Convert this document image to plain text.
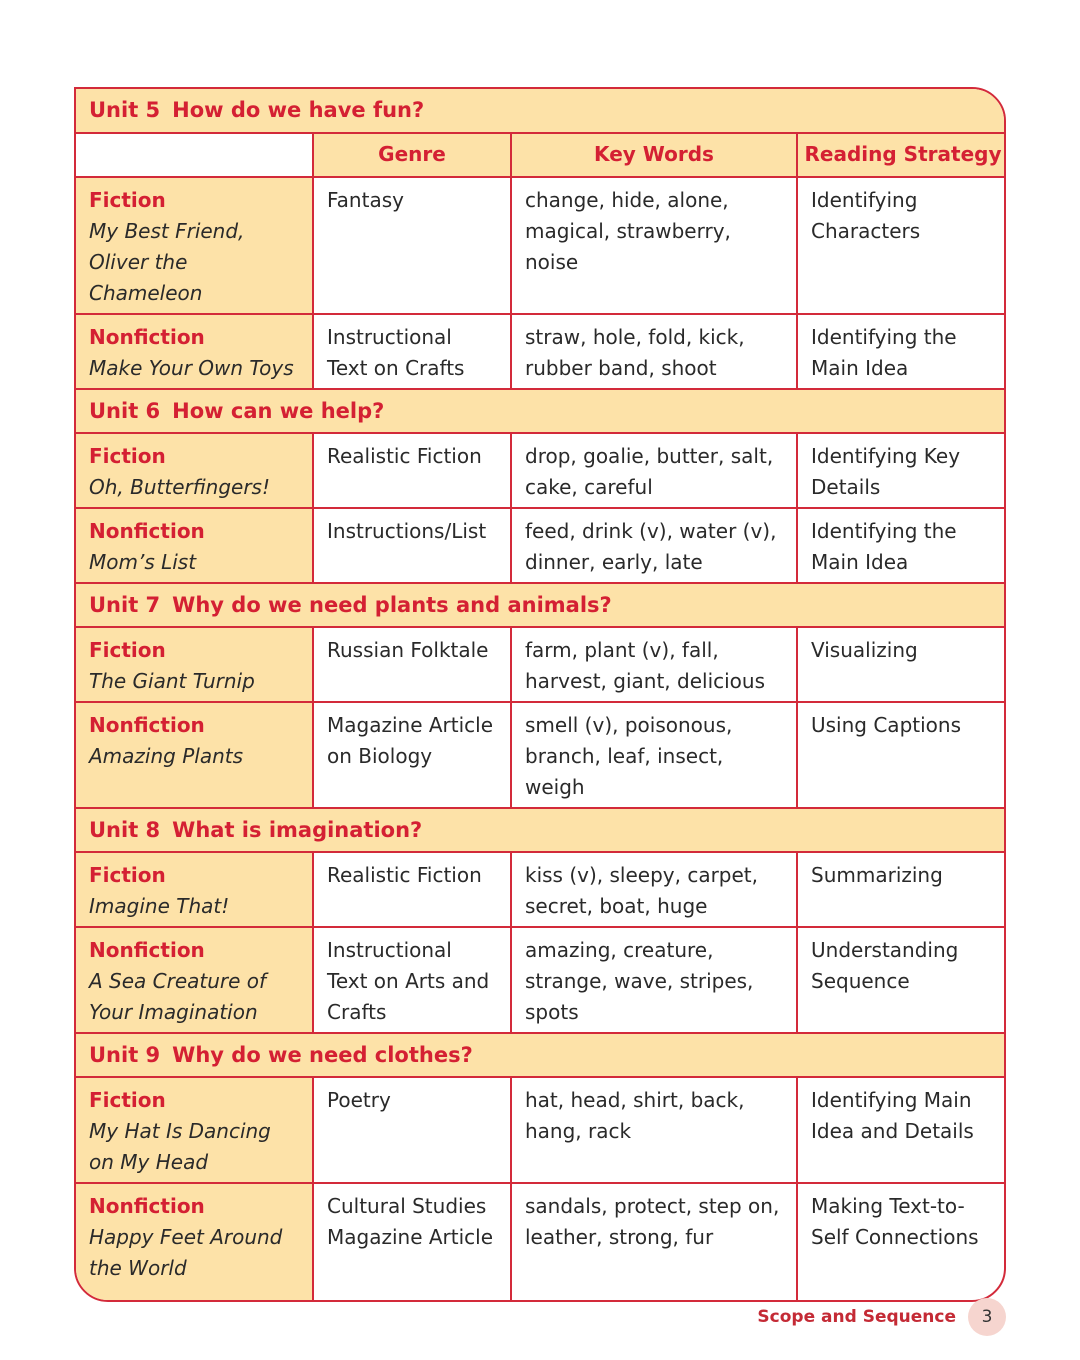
Unit 5 How do we have fun?			
	Genre	Key Words	Reading Strategy

Fiction
My Best Friend, Oliver the Chameleon	Fantasy	change, hide, alone, magical, strawberry, noise	Identifying Characters

Nonfiction
Make Your Own Toys	Instructional Text on Crafts	straw, hole, fold, kick, rubber band, shoot	Identifying the Main Idea
Unit 6 How can we help?			

Fiction
Oh, Butterfingers!	Realistic Fiction	drop, goalie, butter, salt, cake, careful	Identifying Key Details

Nonfiction
Mom’s List	Instructions/List	feed, drink (v), water (v), dinner, early, late	Identifying the Main Idea
Unit 7 Why do we need plants and animals?			

Fiction
The Giant Turnip	Russian Folktale	farm, plant (v), fall, harvest, giant, delicious	Visualizing

Nonfiction
Amazing Plants	Magazine Article on Biology	smell (v), poisonous, branch, leaf, insect, weigh	Using Captions
Unit 8 What is imagination?			

Fiction
Imagine That!	Realistic Fiction	kiss (v), sleepy, carpet, secret, boat, huge	Summarizing

Nonfiction
A Sea Creature of Your Imagination	Instructional Text on Arts and Crafts	amazing, creature, strange, wave, stripes, spots	Understanding Sequence
Unit 9 Why do we need clothes?			

Fiction
My Hat Is Dancing on My Head	Poetry	hat, head, shirt, back, hang, rack	Identifying Main Idea and Details

Nonfiction
Happy Feet Around the World	Cultural Studies Magazine Article	sandals, protect, step on, leather, strong, fur	Making Text-to-Self Connections
Scope and Sequence	3
